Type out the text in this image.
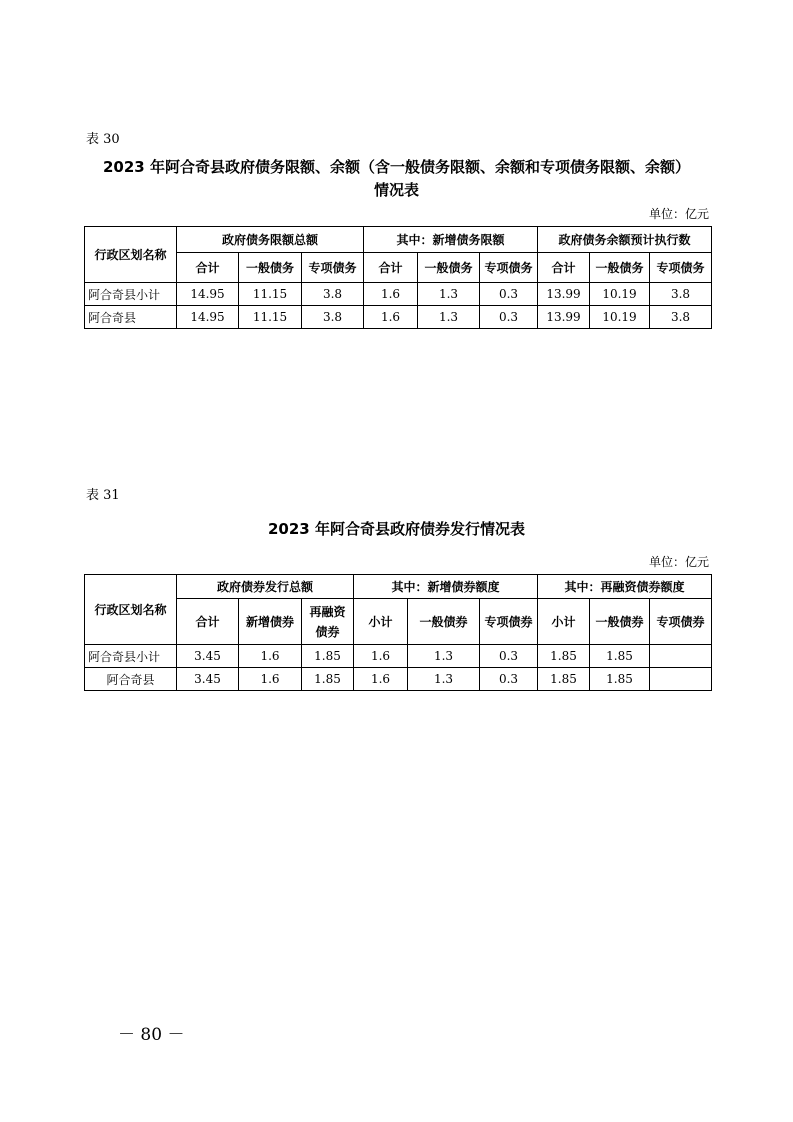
表 30
2023 年阿合奇县政府债务限额、余额（含一般债务限额、余额和专项债务限额、余额）
情况表
单位：亿元
行政区划名称	政府债务限额总额			其中：新增债务限额			政府债务余额预计执行数		
	合计	一般债务	专项债务	合计	一般债务	专项债务	合计	一般债务	专项债务
阿合奇县小计	14.95	11.15	3.8	1.6	1.3	0.3	13.99	10.19	3.8
阿合奇县	14.95	11.15	3.8	1.6	1.3	0.3	13.99	10.19	3.8
表 31
2023 年阿合奇县政府债券发行情况表
单位：亿元
行政区划名称	政府债券发行总额			其中：新增债券额度			其中：再融资债券额度		
	合计	新增债券	再融资债券	小计	一般债券	专项债券	小计	一般债券	专项债券
阿合奇县小计	3.45	1.6	1.85	1.6	1.3	0.3	1.85	1.85	
阿合奇县	3.45	1.6	1.85	1.6	1.3	0.3	1.85	1.85	
－ 80 －
